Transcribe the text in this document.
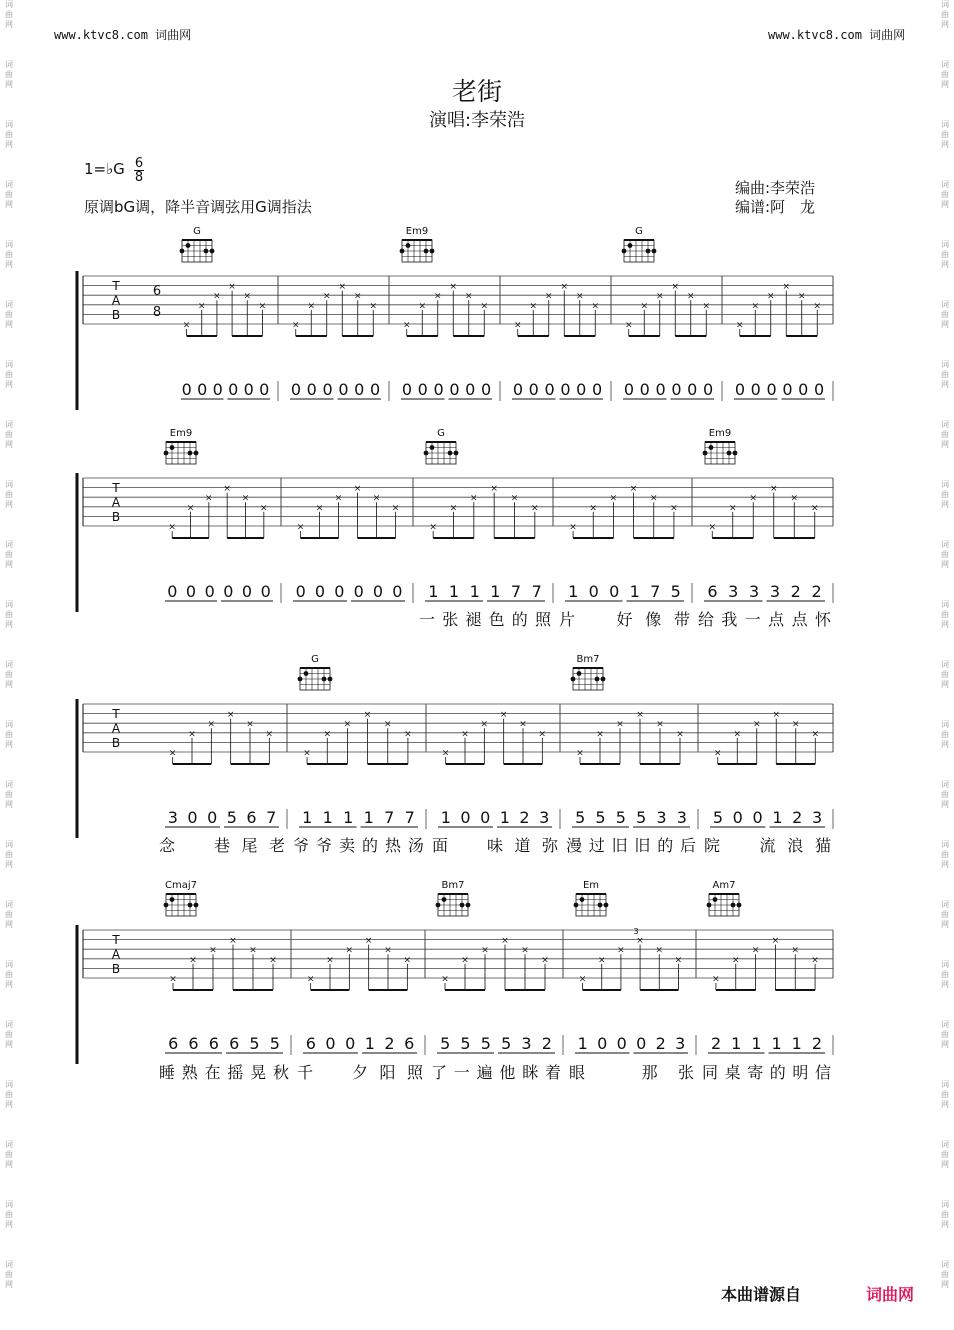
www.ktvc8.com 词曲网	www.ktvc8.com 词曲网
词
曲
网
词
曲
网
词
曲
网
词
曲
网
词
曲
网
词
曲
网
词
曲
网
词
曲
网
词
曲
网
词
曲
网
词
曲
网
词
曲
网
词
曲
网
词
曲
网
词
曲
网
词
曲
网
词
曲
网
词
曲
网
词
曲
网
词
曲
网
词
曲
网
词
曲
网
词
曲
网
词
曲
网
词
曲
网
词
曲
网
词
曲
网
词
曲
网
词
曲
网
词
曲
网
词
曲
网
词
曲
网
词
曲
网
词
曲
网
词
曲
网
词
曲
网
词
曲
网
词
曲
网
词
曲
网
词
曲
网
词
曲
网
词
曲
网
词
曲
网
词
曲
网
老街
演唱:李荣浩
1=♭G 6
8
原调bG调，降半音调弦用G调指法
编曲:李荣浩
编谱:阿　龙
T
A
B
6
8
×
×
×
×
×
×
0 0 0 0 0 0
×
×
×
×
×
×
0 0 0 0 0 0
×
×
×
×
×
×
0 0 0 0 0 0
×
×
×
×
×
×
0 0 0 0 0 0
×
×
×
×
×
×
0 0 0 0 0 0
×
×
×
×
×
×
0 0 0 0 0 0
G	Em9	G
T
A
B
×
×
×
×
×
×
0 0 0 0 0 0
×
×
×
×
×
×
0 0 0 0 0 0
×
×
×
×
×
×
1 1 1 1 7 7
×
×
×
×
×
×
1 0 0 1 7 5
×
×
×
×
×
×
6 3 3 3 2 2
Em9	G	Em9
T
A
B
×
×
×
×
×
×
3 0 0 5 6 7
×
×
×
×
×
×
1 1 1 1 7 7
×
×
×
×
×
×
1 0 0 1 2 3
×
×
×
×
×
×
5 5 5 5 3 3
×
×
×
×
×
×
5 0 0 1 2 3
G	Bm7
T
A
B
×
×
×
×
×
×
6 6 6 6 5 5
×
×
×
×
×
×
6 0 0 1 2 6
×
×
×
×
×
×
5 5 5 5 3 2
×
×
×
×
×
×
1 0 0 0 2 3
×
×
×
×
×
×
2 1 1 1 1 2
Cmaj7	Bm7	Em	Am7
3
一 张 褪 色 的 照 片
　	好 像 带 给 我 一 点 点 怀
念
　 巷 尾 老 爷 爷 卖 的 热 汤 面
　 味 道 弥 漫 过 旧 旧 的 后 院
　 流 浪 猫
睡 熟 在 摇 晃 秋 千
　 夕 阳 照 了 一 遍 他 眯 着 眼
　	那 张 同 桌 寄 的 明 信
本曲谱源自	词曲网
